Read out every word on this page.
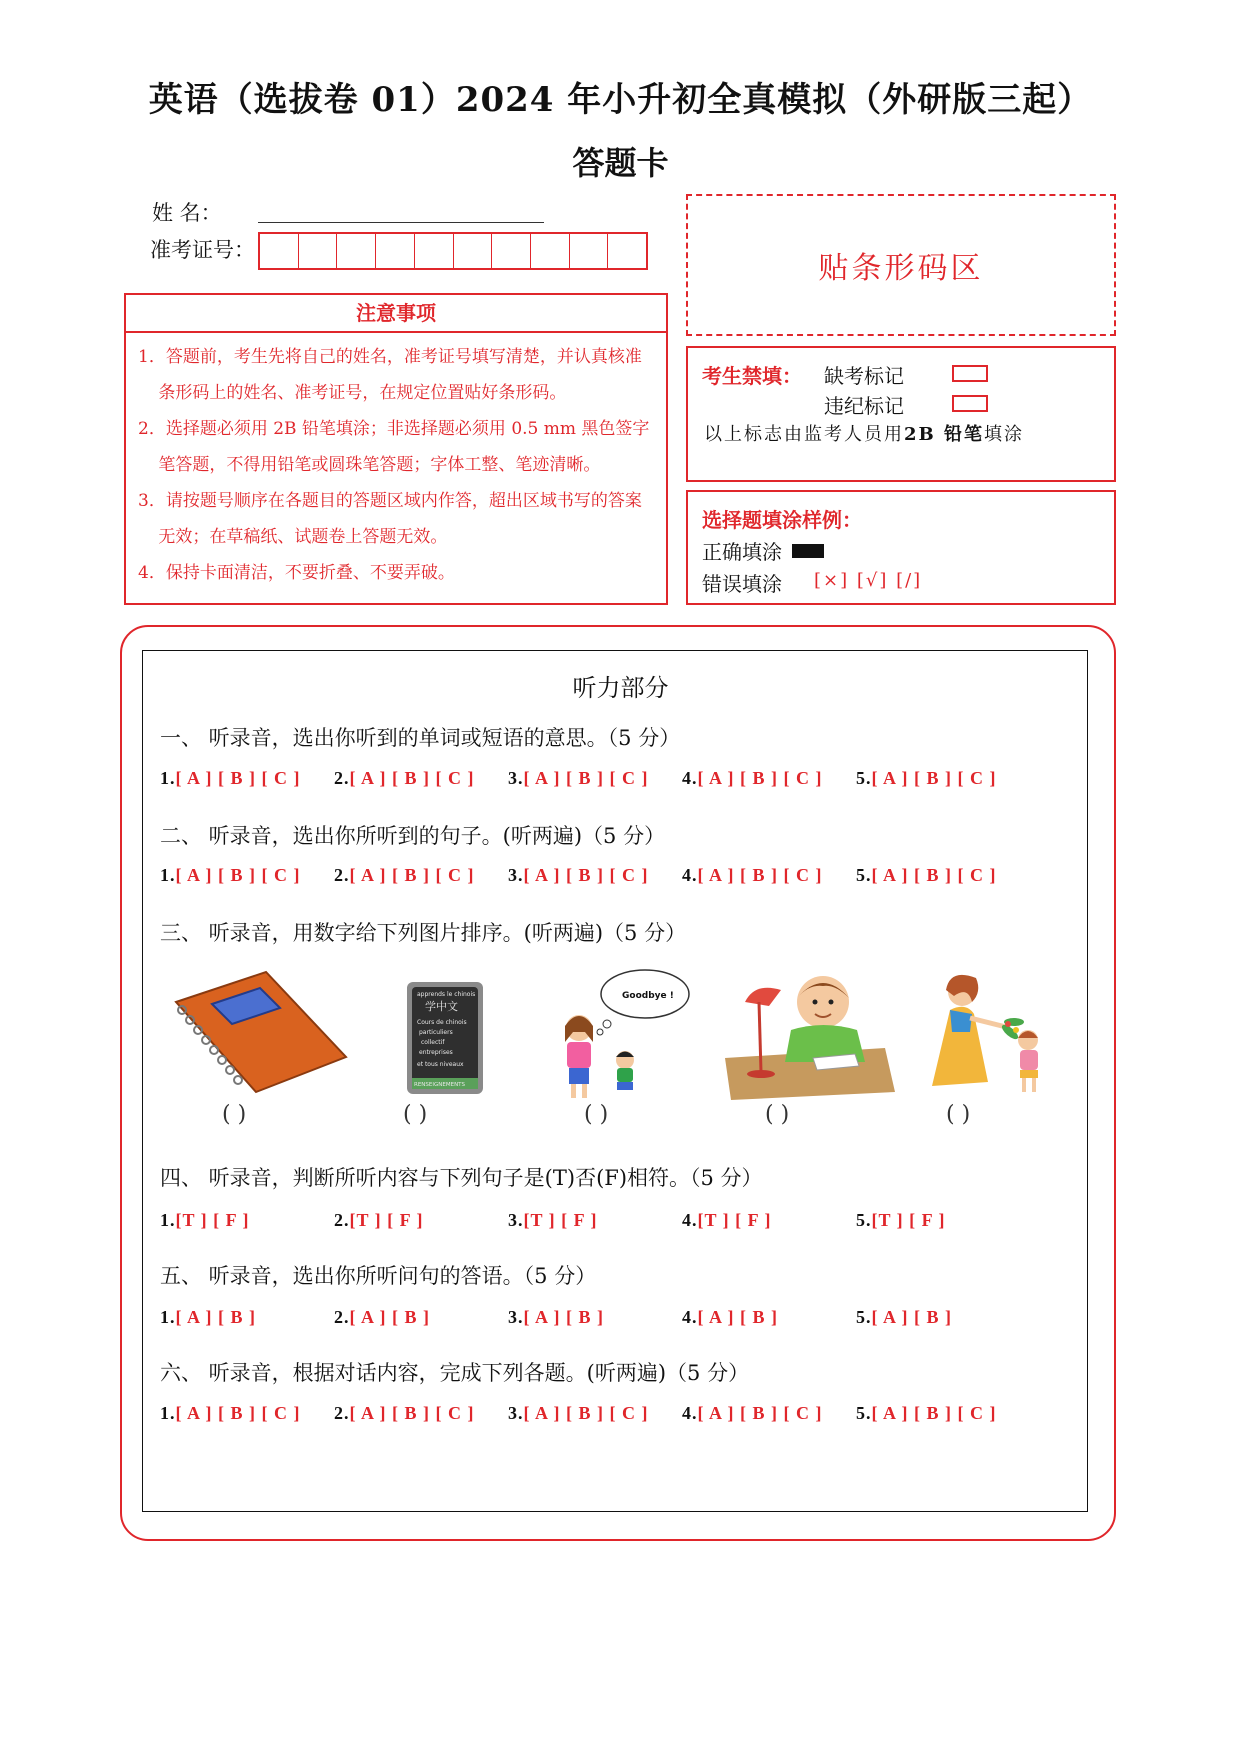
英语（选拔卷 01）2024 年小升初全真模拟（外研版三起）
答题卡
姓 名：
准考证号：
贴条形码区
注意事项
1．答题前，考生先将自己的姓名，准考证号填写清楚，并认真核准条形码上的姓名、准考证号，在规定位置贴好条形码。
2．选择题必须用 2B 铅笔填涂；非选择题必须用 0.5 mm 黑色签字笔答题，不得用铅笔或圆珠笔答题；字体工整、笔迹清晰。
3．请按题号顺序在各题目的答题区域内作答，超出区域书写的答案无效；在草稿纸、试题卷上答题无效。
4．保持卡面清洁，不要折叠、不要弄破。
考生禁填： 缺考标记
违纪标记
以上标志由监考人员用2B 铅笔填涂
选择题填涂样例：
正确填涂
错误填涂 [×] [√] [/]
听力部分
一、 听录音，选出你听到的单词或短语的意思。（5 分）
二、 听录音，选出你所听到的句子。(听两遍)（5 分）
三、 听录音，用数字给下列图片排序。(听两遍)（5 分）
四、 听录音，判断所听内容与下列句子是(T)否(F)相符。（5 分）
五、 听录音，选出你所听问句的答语。（5 分）
六、 听录音，根据对话内容，完成下列各题。(听两遍)（5 分）
1.[ A ] [ B ] [ C ] 2.[ A ] [ B ] [ C ] 3.[ A ] [ B ] [ C ] 4.[ A ] [ B ] [ C ] 5.[ A ] [ B ] [ C ]
1.[ A ] [ B ] [ C ] 2.[ A ] [ B ] [ C ] 3.[ A ] [ B ] [ C ] 4.[ A ] [ B ] [ C ] 5.[ A ] [ B ] [ C ]
1.[T ] [ F ]	2.[T ] [ F ]	3.[T ] [ F ]	4.[T ] [ F ]	5.[T ] [ F ]
1.[ A ] [ B ]	2.[ A ] [ B ]	3.[ A ] [ B ]	4.[ A ] [ B ]	5.[ A ] [ B ]
1.[ A ] [ B ] [ C ] 2.[ A ] [ B ] [ C ] 3.[ A ] [ B ] [ C ] 4.[ A ] [ B ] [ C ] 5.[ A ] [ B ] [ C ]
apprends le chinois
学中文
Cours de chinois
particuliers
collectif
entreprises
et tous niveaux
RENSEIGNEMENTS
Goodbye !
( )	( )	( )	( )	( )
